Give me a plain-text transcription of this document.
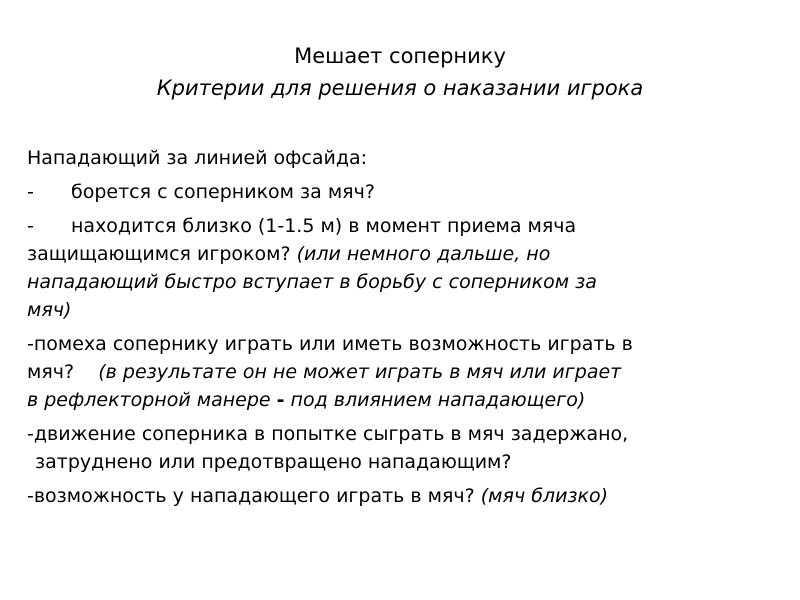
Мешает сопернику
Критерии для решения о наказании игрока
Нападающий за линией офсайда:
- борется с соперником за мяч?
- находится близко (1-1.5 м) в момент приема мяча
защищающимся игроком? (или немного дальше, но
нападающий быстро вступает в борьбу с соперником за
мяч)
-помеха сопернику играть или иметь возможность играть в
мяч?    (в результате он не может играть в мяч или играет
в рефлекторной манере - под влиянием нападающего)
-движение соперника в попытке сыграть в мяч задержано,
затруднено или предотвращено нападающим?
-возможность у нападающего играть в мяч? (мяч близко)
